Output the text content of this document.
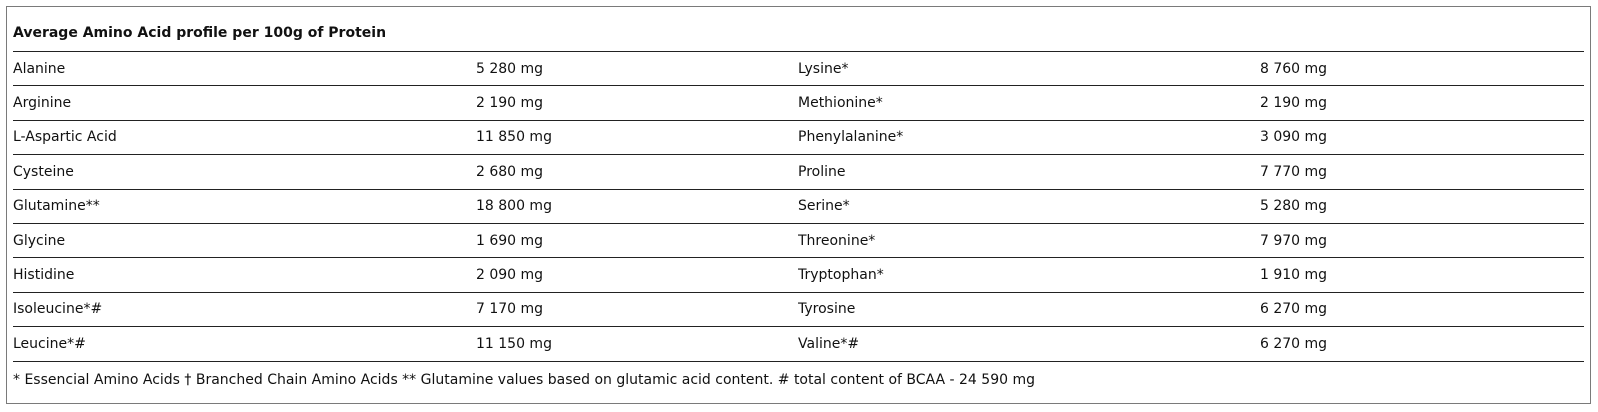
Average Amino Acid profile per 100g of Protein
Alanine	5 280 mg	Lysine*	8 760 mg
Arginine	2 190 mg	Methionine*	2 190 mg
L-Aspartic Acid	11 850 mg	Phenylalanine*	3 090 mg
Cysteine	2 680 mg	Proline	7 770 mg
Glutamine**	18 800 mg	Serine*	5 280 mg
Glycine	1 690 mg	Threonine*	7 970 mg
Histidine	2 090 mg	Tryptophan*	1 910 mg
Isoleucine*#	7 170 mg	Tyrosine	6 270 mg
Leucine*#	11 150 mg	Valine*#	6 270 mg
* Essencial Amino Acids † Branched Chain Amino Acids ** Glutamine values based on glutamic acid content. # total content of BCAA - 24 590 mg
